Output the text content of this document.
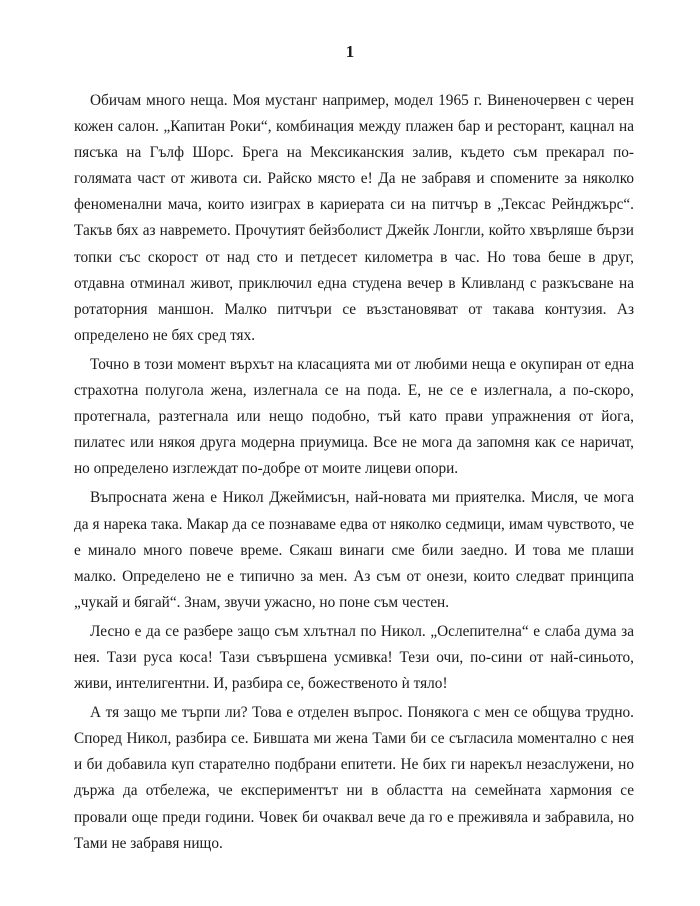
1

Обичам много неща. Моя мустанг например, модел 1965 г. Виненочервен с черен кожен салон. „Капитан Роки“, комбинация между плажен бар и ресторант, кацнал на пясъка на Гълф Шорс. Брега на Мексиканския залив, където съм прекарал по-голямата част от живота си. Райско място е! Да не забравя и спомените за няколко феноменални мача, които изиграх в кариерата си на питчър в „Тексас Рейнджърс“. Такъв бях аз навремето. Прочутият бейзболист Джейк Лонгли, който хвърляше бързи топки със скорост от над сто и петдесет километра в час. Но това беше в друг, отдавна отминал живот, приключил една студена вечер в Кливланд с разкъсване на ротаторния маншон. Малко питчъри се възстановяват от такава контузия. Аз определено не бях сред тях.

Точно в този момент върхът на класацията ми от любими неща е окупиран от една страхотна полугола жена, излегнала се на пода. Е, не се е излегнала, а по-скоро, протегнала, разтегнала или нещо подобно, тъй като прави упражнения от йога, пилатес или някоя друга модерна приумица. Все не мога да запомня как се наричат, но определено изглеждат по-добре от моите лицеви опори.

Въпросната жена е Никол Джеймисън, най-новата ми приятелка. Мисля, че мога да я нарека така. Макар да се познаваме едва от няколко седмици, имам чувството, че е минало много повече време. Сякаш винаги сме били заедно. И това ме плаши малко. Определено не е типично за мен. Аз съм от онези, които следват принципа „чукай и бягай“. Знам, звучи ужасно, но поне съм честен.

Лесно е да се разбере защо съм хлътнал по Никол. „Ослепителна“ е слаба дума за нея. Тази руса коса! Тази съвършена усмивка! Тези очи, по-сини от най-синьото, живи, интелигентни. И, разбира се, божественото ѝ тяло!

А тя защо ме търпи ли? Това е отделен въпрос. Понякога с мен се общува трудно. Според Никол, разбира се. Бившата ми жена Тами би се съгласила моментално с нея и би добавила куп старателно подбрани епитети. Не бих ги нарекъл незаслужени, но държа да отбележа, че експериментът ни в областта на семейната хармония се провали още преди години. Човек би очаквал вече да го е преживяла и забравила, но Тами не забравя нищо.
